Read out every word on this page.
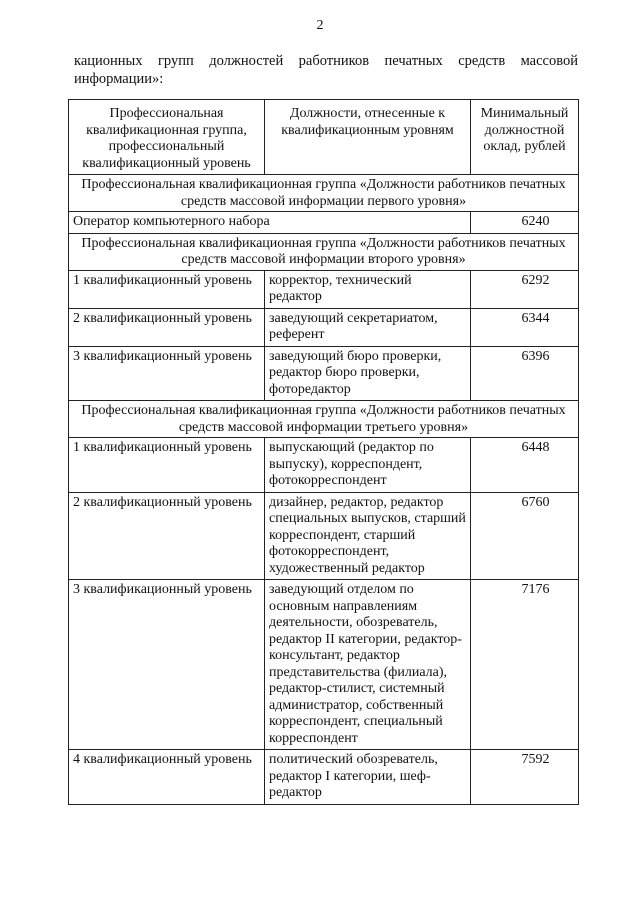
2
кационных групп должностей работников печатных средств массовой информации»:
Профессиональная квалификационная группа, профессиональный квалификационный уровень	Должности, отнесенные к квалификационным уровням	Минимальный должностной оклад, рублей
Профессиональная квалификационная группа «Должности работников печатных средств массовой информации первого уровня»		
Оператор компьютерного набора		6240
Профессиональная квалификационная группа «Должности работников печатных средств массовой информации второго уровня»		
1 квалификационный уровень	корректор, технический редактор	6292
2 квалификационный уровень	заведующий секретариатом, референт	6344
3 квалификационный уровень	заведующий бюро проверки, редактор бюро проверки, фоторедактор	6396
Профессиональная квалификационная группа «Должности работников печатных средств массовой информации третьего уровня»		
1 квалификационный уровень	выпускающий (редактор по выпуску), корреспондент, фотокорреспондент	6448
2 квалификационный уровень	дизайнер, редактор, редактор специальных выпусков, старший корреспондент, старший фотокорреспондент, художественный редактор	6760
3 квалификационный уровень	заведующий отделом по основным направлениям деятельности, обозреватель, редактор II категории, редактор-консультант, редактор представительства (филиала), редактор-стилист, системный администратор, собственный корреспондент, специальный корреспондент	7176
4 квалификационный уровень	политический обозреватель, редактор I категории, шеф-редактор	7592
